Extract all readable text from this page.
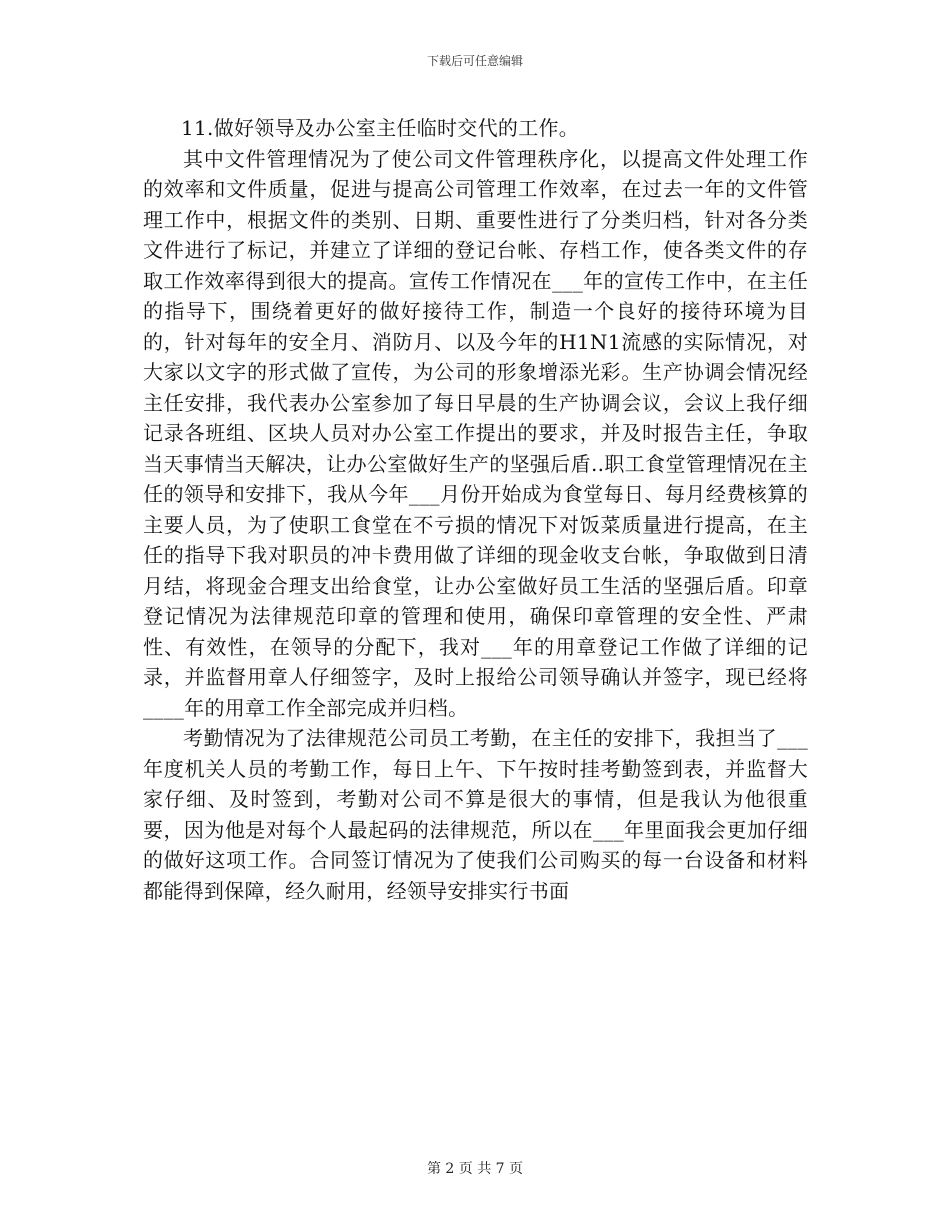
下载后可任意编辑

11.做好领导及办公室主任临时交代的工作。

其中文件管理情况为了使公司文件管理秩序化，以提高文件处理工作的效率和文件质量，促进与提高公司管理工作效率，在过去一年的文件管理工作中，根据文件的类别、日期、重要性进行了分类归档，针对各分类文件进行了标记，并建立了详细的登记台帐、存档工作，使各类文件的存取工作效率得到很大的提高。宣传工作情况在___年的宣传工作中，在主任的指导下，围绕着更好的做好接待工作，制造一个良好的接待环境为目的，针对每年的安全月、消防月、以及今年的H1N1流感的实际情况，对大家以文字的形式做了宣传，为公司的形象增添光彩。生产协调会情况经主任安排，我代表办公室参加了每日早晨的生产协调会议，会议上我仔细记录各班组、区块人员对办公室工作提出的要求，并及时报告主任，争取当天事情当天解决，让办公室做好生产的坚强后盾..职工食堂管理情况在主任的领导和安排下，我从今年___月份开始成为食堂每日、每月经费核算的主要人员，为了使职工食堂在不亏损的情况下对饭菜质量进行提高，在主任的指导下我对职员的冲卡费用做了详细的现金收支台帐，争取做到日清月结，将现金合理支出给食堂，让办公室做好员工生活的坚强后盾。印章登记情况为法律规范印章的管理和使用，确保印章管理的安全性、严肃性、有效性，在领导的分配下，我对___年的用章登记工作做了详细的记录，并监督用章人仔细签字，及时上报给公司领导确认并签字，现已经将____年的用章工作全部完成并归档。

考勤情况为了法律规范公司员工考勤，在主任的安排下，我担当了___年度机关人员的考勤工作，每日上午、下午按时挂考勤签到表，并监督大家仔细、及时签到，考勤对公司不算是很大的事情，但是我认为他很重要，因为他是对每个人最起码的法律规范，所以在___年里面我会更加仔细的做好这项工作。合同签订情况为了使我们公司购买的每一台设备和材料都能得到保障，经久耐用，经领导安排实行书面

第 2 页 共 7 页
